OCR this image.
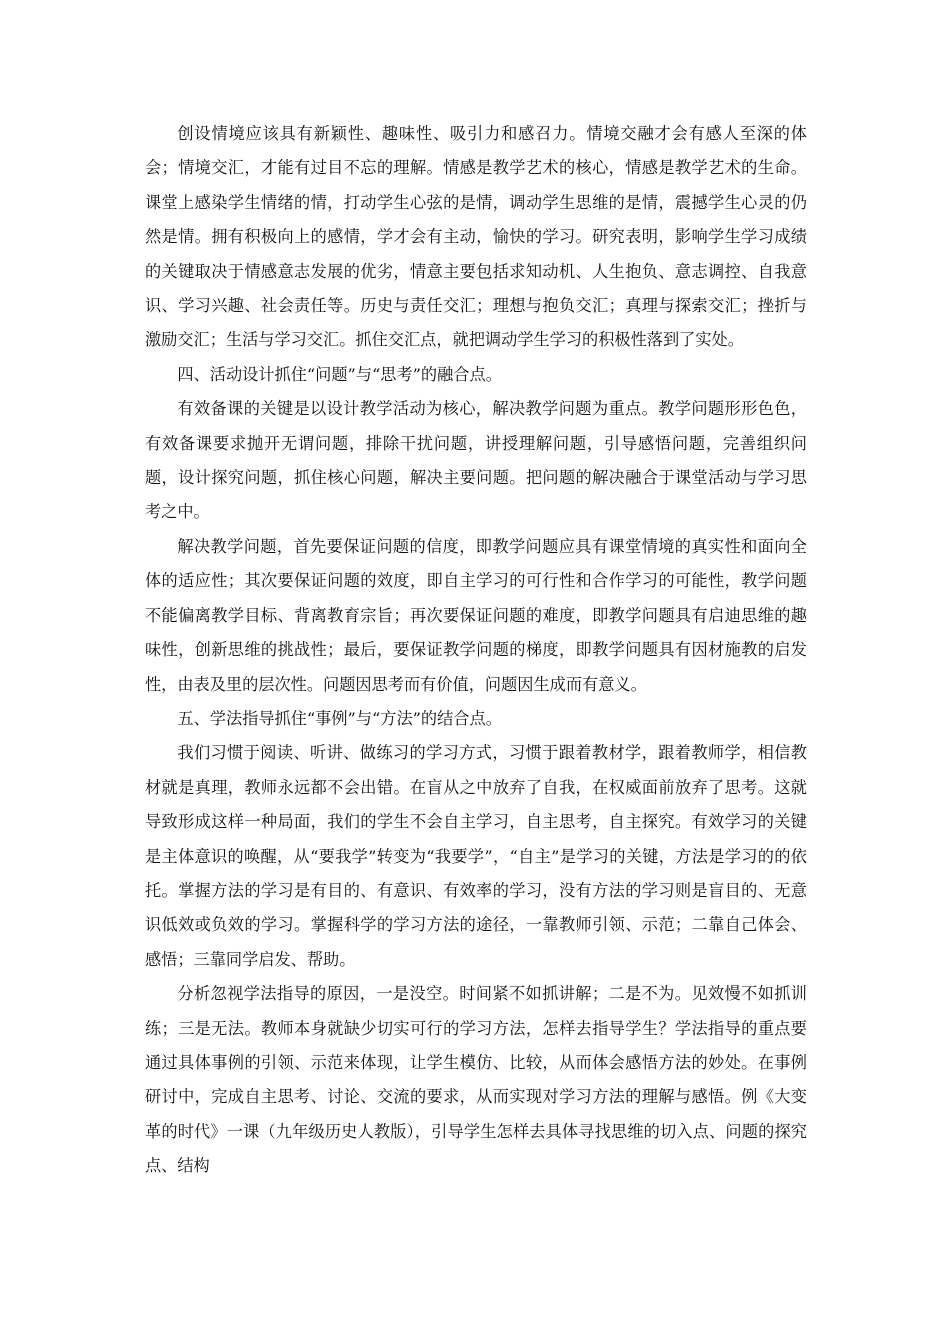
创设情境应该具有新颖性、趣味性、吸引力和感召力。情境交融才会有感人至深的体会；情境交汇，才能有过目不忘的理解。情感是教学艺术的核心，情感是教学艺术的生命。课堂上感染学生情绪的情，打动学生心弦的是情，调动学生思维的是情，震撼学生心灵的仍然是情。拥有积极向上的感情，学才会有主动，愉快的学习。研究表明，影响学生学习成绩的关键取决于情感意志发展的优劣，情意主要包括求知动机、人生抱负、意志调控、自我意识、学习兴趣、社会责任等。历史与责任交汇；理想与抱负交汇；真理与探索交汇；挫折与激励交汇；生活与学习交汇。抓住交汇点，就把调动学生学习的积极性落到了实处。

四、活动设计抓住“问题”与“思考”的融合点。

有效备课的关键是以设计教学活动为核心，解决教学问题为重点。教学问题形形色色，有效备课要求抛开无谓问题，排除干扰问题，讲授理解问题，引导感悟问题，完善组织问题，设计探究问题，抓住核心问题，解决主要问题。把问题的解决融合于课堂活动与学习思考之中。

解决教学问题，首先要保证问题的信度，即教学问题应具有课堂情境的真实性和面向全体的适应性；其次要保证问题的效度，即自主学习的可行性和合作学习的可能性，教学问题不能偏离教学目标、背离教育宗旨；再次要保证问题的难度，即教学问题具有启迪思维的趣味性，创新思维的挑战性；最后，要保证教学问题的梯度，即教学问题具有因材施教的启发性，由表及里的层次性。问题因思考而有价值，问题因生成而有意义。

五、学法指导抓住“事例”与“方法”的结合点。

我们习惯于阅读、听讲、做练习的学习方式，习惯于跟着教材学，跟着教师学，相信教材就是真理，教师永远都不会出错。在盲从之中放弃了自我，在权威面前放弃了思考。这就导致形成这样一种局面，我们的学生不会自主学习，自主思考，自主探究。有效学习的关键是主体意识的唤醒，从“要我学”转变为“我要学”，“自主”是学习的关键，方法是学习的的依托。掌握方法的学习是有目的、有意识、有效率的学习，没有方法的学习则是盲目的、无意识低效或负效的学习。掌握科学的学习方法的途径，一靠教师引领、示范；二靠自己体会、感悟；三靠同学启发、帮助。

分析忽视学法指导的原因，一是没空。时间紧不如抓讲解；二是不为。见效慢不如抓训练；三是无法。教师本身就缺少切实可行的学习方法，怎样去指导学生？学法指导的重点要通过具体事例的引领、示范来体现，让学生模仿、比较，从而体会感悟方法的妙处。在事例研讨中，完成自主思考、讨论、交流的要求，从而实现对学习方法的理解与感悟。例《大变革的时代》一课（九年级历史人教版），引导学生怎样去具体寻找思维的切入点、问题的探究点、结构
